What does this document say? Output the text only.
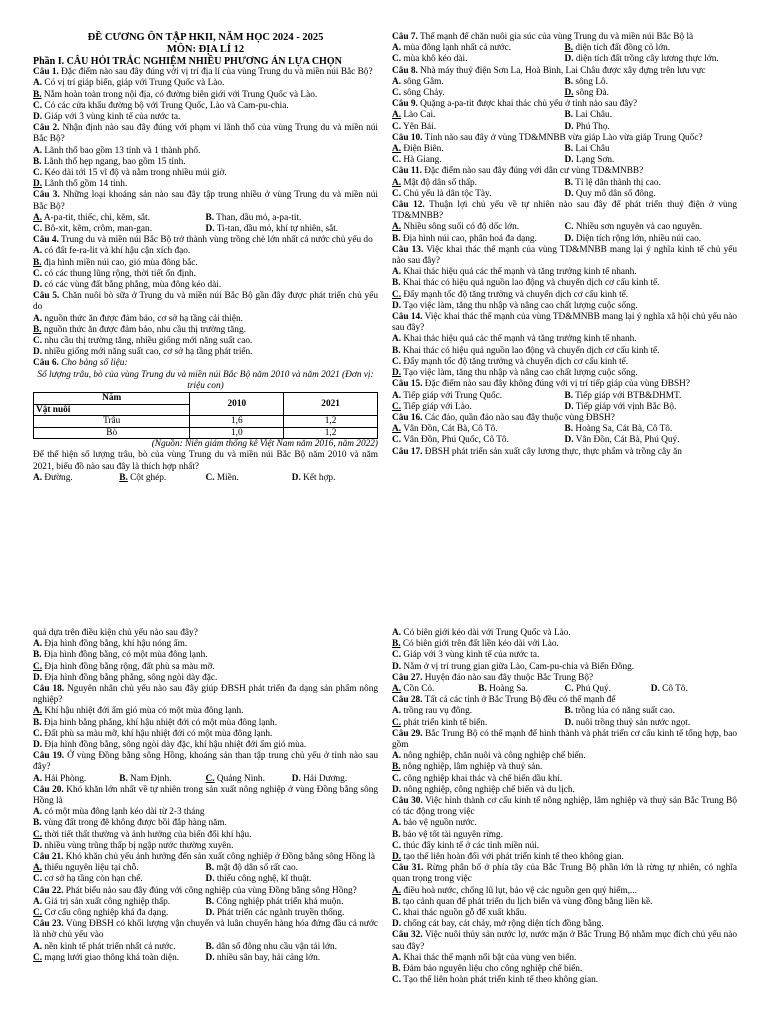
ĐỀ CƯƠNG ÔN TẬP HKII, NĂM HỌC 2024 - 2025
MÔN: ĐỊA LÍ 12
Phần I. CÂU HỎI TRẮC NGHIỆM NHIỀU PHƯƠNG ÁN LỰA CHỌN
Câu 1. Đặc điểm nào sau đây đúng với vị trí địa lí của vùng Trung du và miền núi Bắc Bộ?
A. Có vị trí giáp biển, giáp với Trung Quốc và Lào.
B. Nằm hoàn toàn trong nội địa, có đường biên giới với Trung Quốc và Lào.
C. Có các cửa khẩu đường bộ với Trung Quốc, Lào và Cam-pu-chia.
D. Giáp với 3 vùng kinh tế của nước ta.
Câu 2. Nhận định nào sau đây đúng với phạm vi lãnh thổ của vùng Trung du và miền núi Bắc Bộ?
A. Lãnh thổ bao gồm 13 tỉnh và 1 thành phố.
B. Lãnh thổ hẹp ngang, bao gồm 15 tỉnh.
C. Kéo dài tới 15 vĩ độ và nằm trong nhiều múi giờ.
D. Lãnh thổ gồm 14 tỉnh.
Câu 3. Những loại khoáng sản nào sau đây tập trung nhiều ở vùng Trung du và miền núi Bắc Bộ?
A. A-pa-tit, thiếc, chì, kẽm, sắt.	B. Than, dầu mỏ, a-pa-tit.
C. Bô-xit, kẽm, crôm, man-gan.	D. Ti-tan, dầu mỏ, khí tự nhiên, sắt.
Câu 4. Trung du và miền núi Bắc Bộ trở thành vùng trồng chè lớn nhất cả nước chủ yếu do
A. có đất fe-ra-lit và khí hậu cận xích đạo.
B. địa hình miền núi cao, gió mùa đông bắc.
C. có các thung lũng rộng, thời tiết ổn định.
D. có các vùng đất bằng phẳng, mùa đông kéo dài.
Câu 5. Chăn nuôi bò sữa ở Trung du và miền núi Bắc Bộ gần đây được phát triển chủ yếu do
A. nguồn thức ăn được đảm bảo, cơ sở hạ tầng cải thiện.
B. nguồn thức ăn được đảm bảo, nhu cầu thị trường tăng.
C. nhu cầu thị trường tăng, nhiều giống mới năng suất cao.
D. nhiều giống mới năng suất cao, cơ sở hạ tầng phát triển.
Câu 6. Cho bảng số liệu:
Số lượng trâu, bò của vùng Trung du và miền núi Bắc Bộ năm 2010 và năm 2021 (Đơn vị: triệu con)
Năm	2010	2021
Vật nuôi		
Trâu	1,6	1,2
Bò	1,0	1,2
(Nguồn: Niên giám thống kê Việt Nam năm 2016, năm 2022)
Để thể hiện số lượng trâu, bò của vùng Trung du và miền núi Bắc Bộ năm 2010 và năm 2021, biểu đồ nào sau đây là thích hợp nhất?
A. Đường.	B. Cột ghép.	C. Miền.	D. Kết hợp.
Câu 7. Thế mạnh để chăn nuôi gia súc của vùng Trung du và miền núi Bắc Bộ là
A. mùa đông lạnh nhất cả nước.	B. diện tích đất đồng cỏ lớn.
C. mùa khô kéo dài.	D. diện tích đất trồng cây lương thực lớn.
Câu 8. Nhà máy thuỷ điện Sơn La, Hoà Bình, Lai Châu được xây dựng trên lưu vực
A. sông Gâm.	B. sông Lô.
C. sông Chảy.	D. sông Đà.
Câu 9. Quặng a-pa-tit được khai thác chủ yếu ở tỉnh nào sau đây?
A. Lào Cai.	B. Lai Châu.
C. Yên Bái.	D. Phú Thọ.
Câu 10. Tỉnh nào sau đây ở vùng TD&MNBB vừa giáp Lào vừa giáp Trung Quốc?
A. Điện Biên.	B. Lai Châu
C. Hà Giang.	D. Lạng Sơn.
Câu 11. Đặc điểm nào sau đây đúng với dân cư vùng TD&MNBB?
A. Mật độ dân số thấp.	B. Tỉ lệ dân thành thị cao.
C. Chủ yếu là dân tộc Tày.	D. Quy mô dân số đông.
Câu 12. Thuận lợi chủ yếu về tự nhiên nào sau đây để phát triển thuỷ điện ở vùng TD&MNBB?
A. Nhiều sông suối có độ dốc lớn.	C. Nhiều sơn nguyên và cao nguyên.
B. Địa hình núi cao, phân hoá đa dạng.	D. Diện tích rộng lớn, nhiều núi cao.
Câu 13. Việc khai thác thế mạnh của vùng TD&MNBB mang lại ý nghĩa kinh tế chủ yếu nào sau đây?
A. Khai thác hiệu quả các thế mạnh và tăng trưởng kinh tế nhanh.
B. Khai thác có hiệu quả nguồn lao động và chuyển dịch cơ cấu kinh tế.
C. Đẩy mạnh tốc độ tăng trưởng và chuyển dịch cơ cấu kinh tế.
D. Tạo việc làm, tăng thu nhập và nâng cao chất lượng cuộc sống.
Câu 14. Việc khai thác thế mạnh của vùng TD&MNBB mang lại ý nghĩa xã hội chủ yếu nào sau đây?
A. Khai thác hiệu quả các thế mạnh và tăng trưởng kinh tế nhanh.
B. Khai thác có hiệu quả nguồn lao động và chuyển dịch cơ cấu kinh tế.
C. Đẩy mạnh tốc độ tăng trưởng và chuyển dịch cơ cấu kinh tế.
D. Tạo việc làm, tăng thu nhập và nâng cao chất lượng cuộc sống.
Câu 15. Đặc điểm nào sau đây không đúng với vị trí tiếp giáp của vùng ĐBSH?
A. Tiếp giáp với Trung Quốc.	B. Tiếp giáp với BTB&DHMT.
C. Tiếp giáp với Lào.	D. Tiếp giáp với vịnh Bắc Bộ.
Câu 16. Các đảo, quần đảo nào sau đây thuộc vùng ĐBSH?
A. Vân Đồn, Cát Bà, Cô Tô.	B. Hoàng Sa, Cát Bà, Cô Tô.
C. Vân Đồn, Phú Quốc, Cô Tô.	D. Vân Đồn, Cát Bà, Phú Quý.
Câu 17. ĐBSH phát triển sản xuất cây lương thực, thực phẩm và trồng cây ăn
quả dựa trên điều kiện chủ yếu nào sau đây?
A. Địa hình đồng bằng, khí hậu nóng ẩm.
B. Địa hình đồng bằng, có một mùa đông lạnh.
C. Địa hình đồng bằng rộng, đất phù sa màu mỡ.
D. Địa hình đồng bằng phẳng, sông ngòi dày đặc.
Câu 18. Nguyên nhân chủ yếu nào sau đây giúp ĐBSH phát triển đa dạng sản phẩm nông nghiệp?
A. Khí hậu nhiệt đới ẩm gió mùa có một mùa đông lạnh.
B. Địa hình bằng phẳng, khí hậu nhiệt đới có một mùa đông lạnh.
C. Đất phù sa màu mỡ, khí hậu nhiệt đới có một mùa đông lạnh.
D. Địa hình đồng bằng, sông ngòi dày đặc, khí hậu nhiệt đới ẩm gió mùa.
Câu 19. Ở vùng Đồng bằng sông Hồng, khoáng sản than tập trung chủ yếu ở tỉnh nào sau đây?
A. Hải Phòng.	B. Nam Định.	C. Quảng Ninh.	D. Hải Dương.
Câu 20. Khó khăn lớn nhất về tự nhiên trong sản xuất nông nghiệp ở vùng Đồng bằng sông Hồng là
A. có một mùa đông lạnh kéo dài từ 2-3 tháng
B. vùng đất trong đê không được bồi đắp hàng năm.
C. thời tiết thất thường và ảnh hưởng của biến đổi khí hậu.
D. nhiều vùng trũng thấp bị ngập nước thường xuyên.
Câu 21. Khó khăn chủ yếu ảnh hưởng đến sản xuất công nghiệp ở Đồng bằng sông Hồng là
A. thiếu nguyên liệu tại chỗ.	B. mật độ dân số rất cao.
C. cơ sở hạ tầng còn hạn chế.	D. thiếu công nghệ, kĩ thuật.
Câu 22. Phát biểu nào sau đây đúng với công nghiệp của vùng Đồng bằng sông Hồng?
A. Giá trị sản xuất công nghiệp thấp.	B. Công nghiệp phát triển khá muộn.
C. Cơ cấu công nghiệp khá đa dạng.	D. Phát triển các ngành truyền thống.
Câu 23. Vùng ĐBSH có khối lượng vận chuyển và luân chuyển hàng hóa đứng đầu cả nước là nhờ chủ yếu vào
A. nền kinh tế phát triển nhất cả nước.	B. dân số đông nhu cầu vận tải lớn.
C. mạng lưới giao thông khá toàn diện.	D. nhiều sân bay, hải cảng lớn.
A. Có biên giới kéo dài với Trung Quốc và Lào.
B. Có biên giới trên đất liền kéo dài với Lào.
C. Giáp với 3 vùng kinh tế của nước ta.
D. Nằm ở vị trí trung gian giữa Lào, Cam-pu-chia và Biển Đông.
Câu 27. Huyện đảo nào sau đây thuộc Bắc Trung Bộ?
A. Cồn Cỏ.	B. Hoàng Sa.	C. Phú Quý.	D. Cô Tô.
Câu 28. Tất cả các tỉnh ở Bắc Trung Bộ đều có thế mạnh để
A. trồng rau vụ đông.	B. trồng lúa có năng suất cao.
C. phát triển kinh tế biển.	D. nuôi trồng thuỷ sản nước ngọt.
Câu 29. Bắc Trung Bộ có thế mạnh để hình thành và phát triển cơ cấu kinh tế tổng hợp, bao gồm
A. nông nghiệp, chăn nuôi và công nghiệp chế biến.
B. nông nghiệp, lâm nghiệp và thuỷ sản.
C. công nghiệp khai thác và chế biến dầu khí.
D. nông nghiệp, công nghiệp chế biến và du lịch.
Câu 30. Việc hình thành cơ cấu kinh tế nông nghiệp, lâm nghiệp và thuỷ sản Bắc Trung Bộ có tác động trong việc
A. bảo vệ nguồn nước.
B. bảo vệ tốt tài nguyên rừng.
C. thúc đẩy kinh tế ở các tỉnh miền núi.
D. tạo thế liên hoàn đối với phát triển kinh tế theo không gian.
Câu 31. Rừng phân bố ở phía tây của Bắc Trung Bộ phần lớn là rừng tự nhiên, có nghĩa quan trọng trong việc
A. điều hoà nước, chống lũ lụt, bảo vệ các nguồn gen quý hiếm,...
B. tạo cảnh quan để phát triển du lịch biển và vùng đồng bằng liền kề.
C. khai thác nguồn gỗ để xuất khẩu.
D. chống cát bay, cát chảy, mở rộng diện tích đồng bằng.
Câu 32. Việc nuôi thủy sản nước lợ, nước mặn ở Bắc Trung Bộ nhằm mục đích chủ yếu nào sau đây?
A. Khai thác thế mạnh nổi bật của vùng ven biển.
B. Đảm bảo nguyên liệu cho công nghiệp chế biến.
C. Tạo thế liên hoàn phát triển kinh tế theo không gian.
